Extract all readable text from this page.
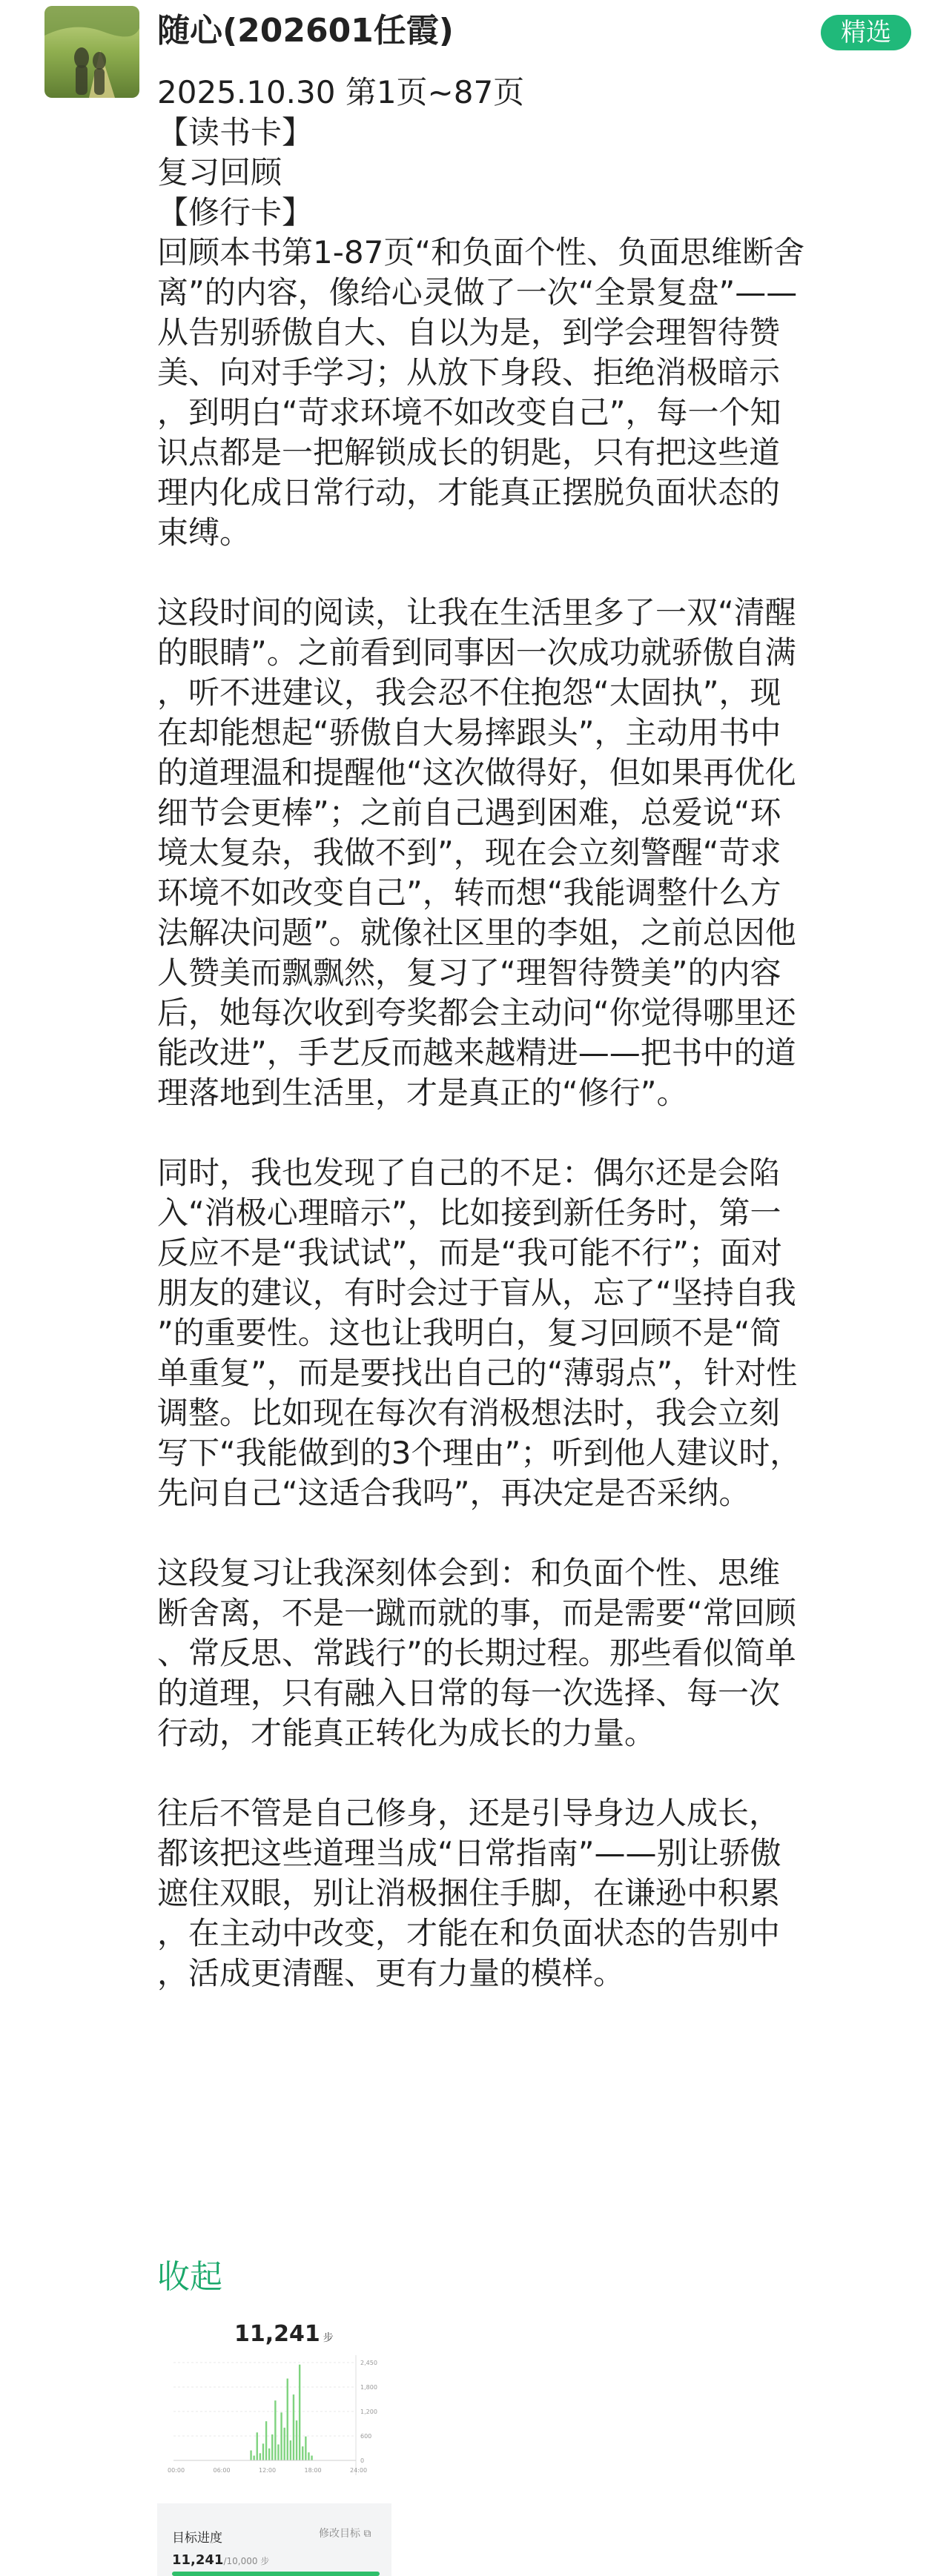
随心(202601任霞)	精选
2025.10.30 第1页~87页
【读书卡】
复习回顾
【修行卡】
回顾本书第1-87页“和负面个性、负面思维断舍
离”的内容，像给心灵做了一次“全景复盘”——
从告别骄傲自大、自以为是，到学会理智待赞
美、向对手学习；从放下身段、拒绝消极暗示
，到明白“苛求环境不如改变自己”，每一个知
识点都是一把解锁成长的钥匙，只有把这些道
理内化成日常行动，才能真正摆脱负面状态的
束缚。
这段时间的阅读，让我在生活里多了一双“清醒
的眼睛”。之前看到同事因一次成功就骄傲自满
，听不进建议，我会忍不住抱怨“太固执”，现
在却能想起“骄傲自大易摔跟头”，主动用书中
的道理温和提醒他“这次做得好，但如果再优化
细节会更棒”；之前自己遇到困难，总爱说“环
境太复杂，我做不到”，现在会立刻警醒“苛求
环境不如改变自己”，转而想“我能调整什么方
法解决问题”。就像社区里的李姐，之前总因他
人赞美而飘飘然，复习了“理智待赞美”的内容
后，她每次收到夸奖都会主动问“你觉得哪里还
能改进”，手艺反而越来越精进——把书中的道
理落地到生活里，才是真正的“修行”。
同时，我也发现了自己的不足：偶尔还是会陷
入“消极心理暗示”，比如接到新任务时，第一
反应不是“我试试”，而是“我可能不行”；面对
朋友的建议，有时会过于盲从，忘了“坚持自我
”的重要性。这也让我明白，复习回顾不是“简
单重复”，而是要找出自己的“薄弱点”，针对性
调整。比如现在每次有消极想法时，我会立刻
写下“我能做到的3个理由”；听到他人建议时，
先问自己“这适合我吗”，再决定是否采纳。
这段复习让我深刻体会到：和负面个性、思维
断舍离，不是一蹴而就的事，而是需要“常回顾
、常反思、常践行”的长期过程。那些看似简单
的道理，只有融入日常的每一次选择、每一次
行动，才能真正转化为成长的力量。
往后不管是自己修身，还是引导身边人成长，
都该把这些道理当成“日常指南”——别让骄傲
遮住双眼，别让消极捆住手脚，在谦逊中积累
，在主动中改变，才能在和负面状态的告别中
，活成更清醒、更有力量的模样。
收起
11,241 步
2,450
1,800
1,200
600
0
00:00	06:00	12:00	18:00	24:00
目标进度	修改目标 ⧉
11,241/10,000 步
